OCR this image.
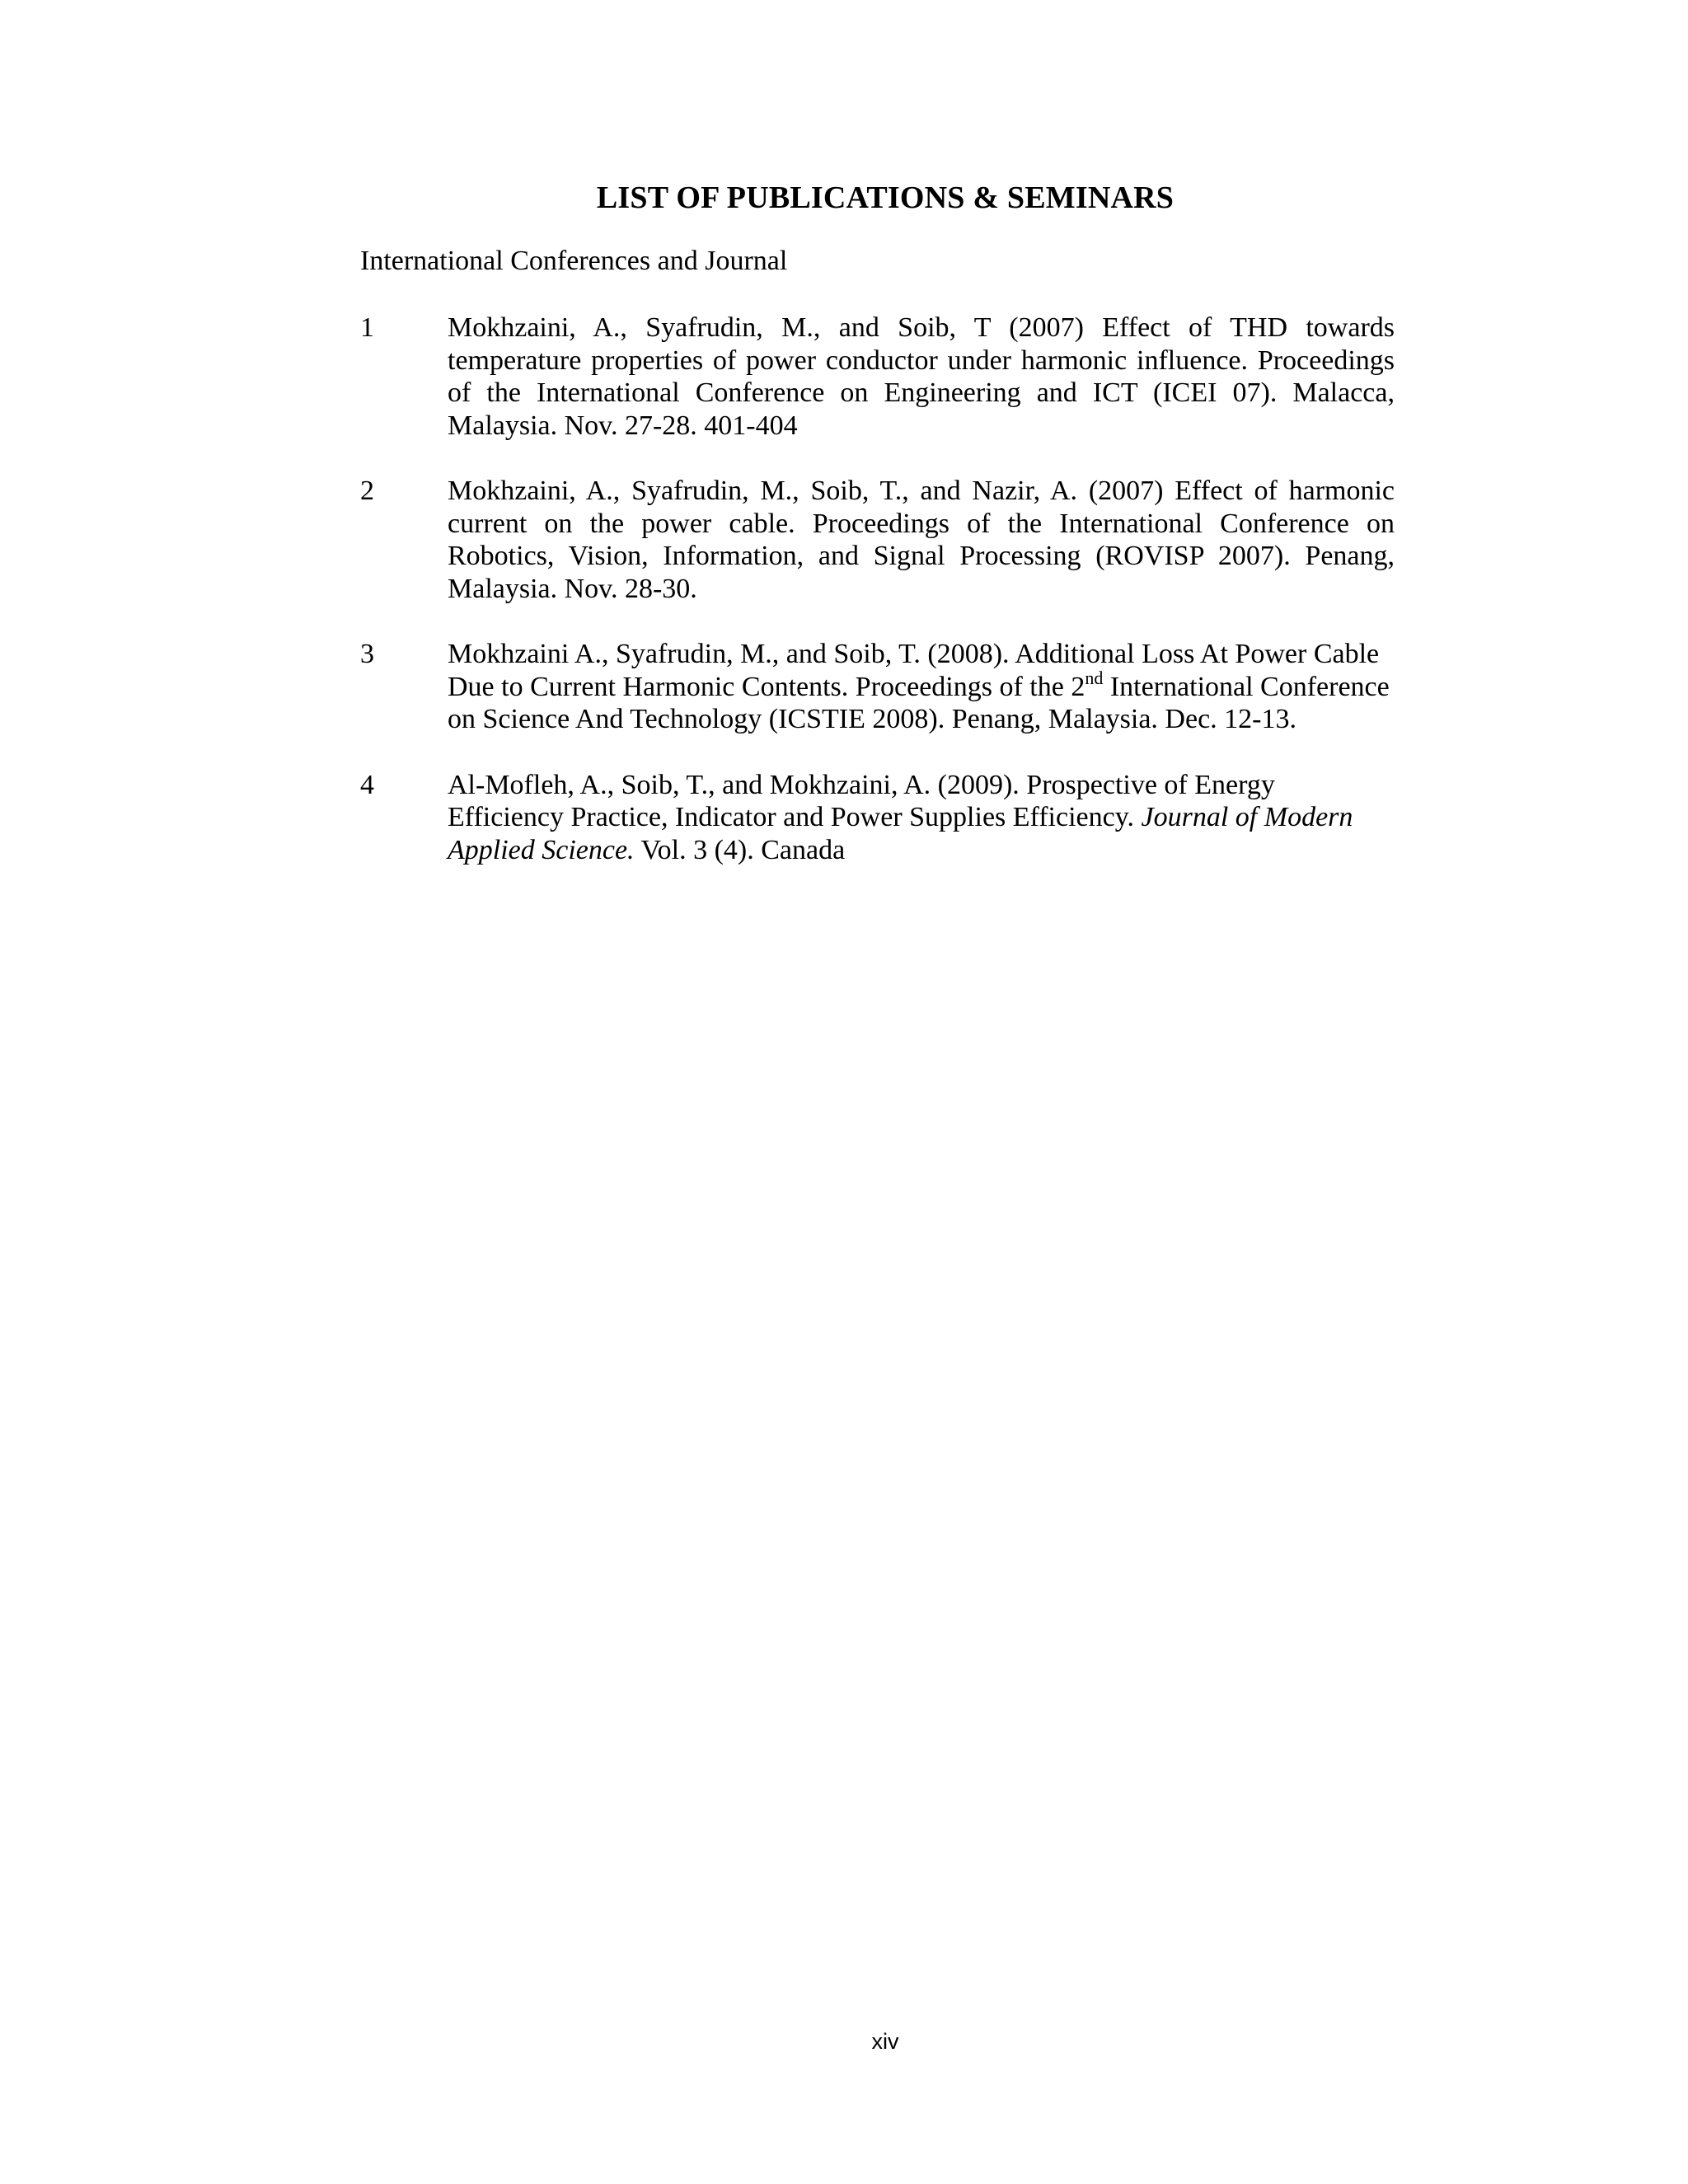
LIST OF PUBLICATIONS & SEMINARS
International Conferences and Journal
1	Mokhzaini, A., Syafrudin, M., and Soib, T (2007) Effect of THD towards temperature properties of power conductor under harmonic influence. Proceedings of the International Conference on Engineering and ICT (ICEI 07). Malacca, Malaysia. Nov. 27-28. 401-404
2	Mokhzaini, A., Syafrudin, M., Soib, T., and Nazir, A. (2007) Effect of harmonic current on the power cable. Proceedings of the International Conference on Robotics, Vision, Information, and Signal Processing (ROVISP 2007). Penang, Malaysia. Nov. 28-30.
3	Mokhzaini A., Syafrudin, M., and Soib, T. (2008). Additional Loss At Power Cable Due to Current Harmonic Contents. Proceedings of the 2nd International Conference on Science And Technology (ICSTIE 2008). Penang, Malaysia. Dec. 12-13.
4	Al-Mofleh, A., Soib, T., and Mokhzaini, A. (2009). Prospective of Energy Efficiency Practice, Indicator and Power Supplies Efficiency. Journal of Modern Applied Science. Vol. 3 (4). Canada
xiv
